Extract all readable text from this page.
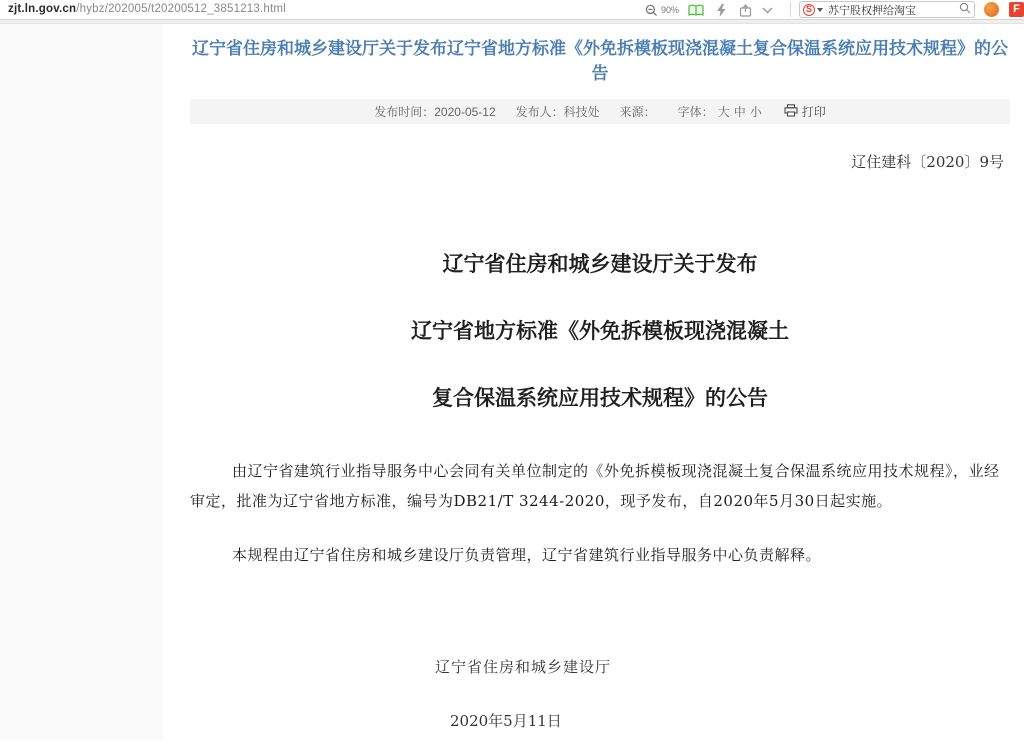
zjt.ln.gov.cn/hybz/202005/t20200512_3851213.html	90%	S 苏宁股权押给淘宝	F
辽宁省住房和城乡建设厅关于发布辽宁省地方标准《外免拆模板现浇混凝土复合保温系统应用技术规程》的公告
发布时间：2020-05-12 发布人：科技处 来源： 字体： 大 中 小	打印
辽住建科〔2020〕9号
辽宁省住房和城乡建设厅关于发布
辽宁省地方标准《外免拆模板现浇混凝土
复合保温系统应用技术规程》的公告

由辽宁省建筑行业指导服务中心会同有关单位制定的《外免拆模板现浇混凝土复合保温系统应用技术规程》，业经审定，批准为辽宁省地方标准，编号为DB21/T 3244-2020，现予发布，自2020年5月30日起实施。

本规程由辽宁省住房和城乡建设厅负责管理，辽宁省建筑行业指导服务中心负责解释。

辽宁省住房和城乡建设厅
2020年5月11日
